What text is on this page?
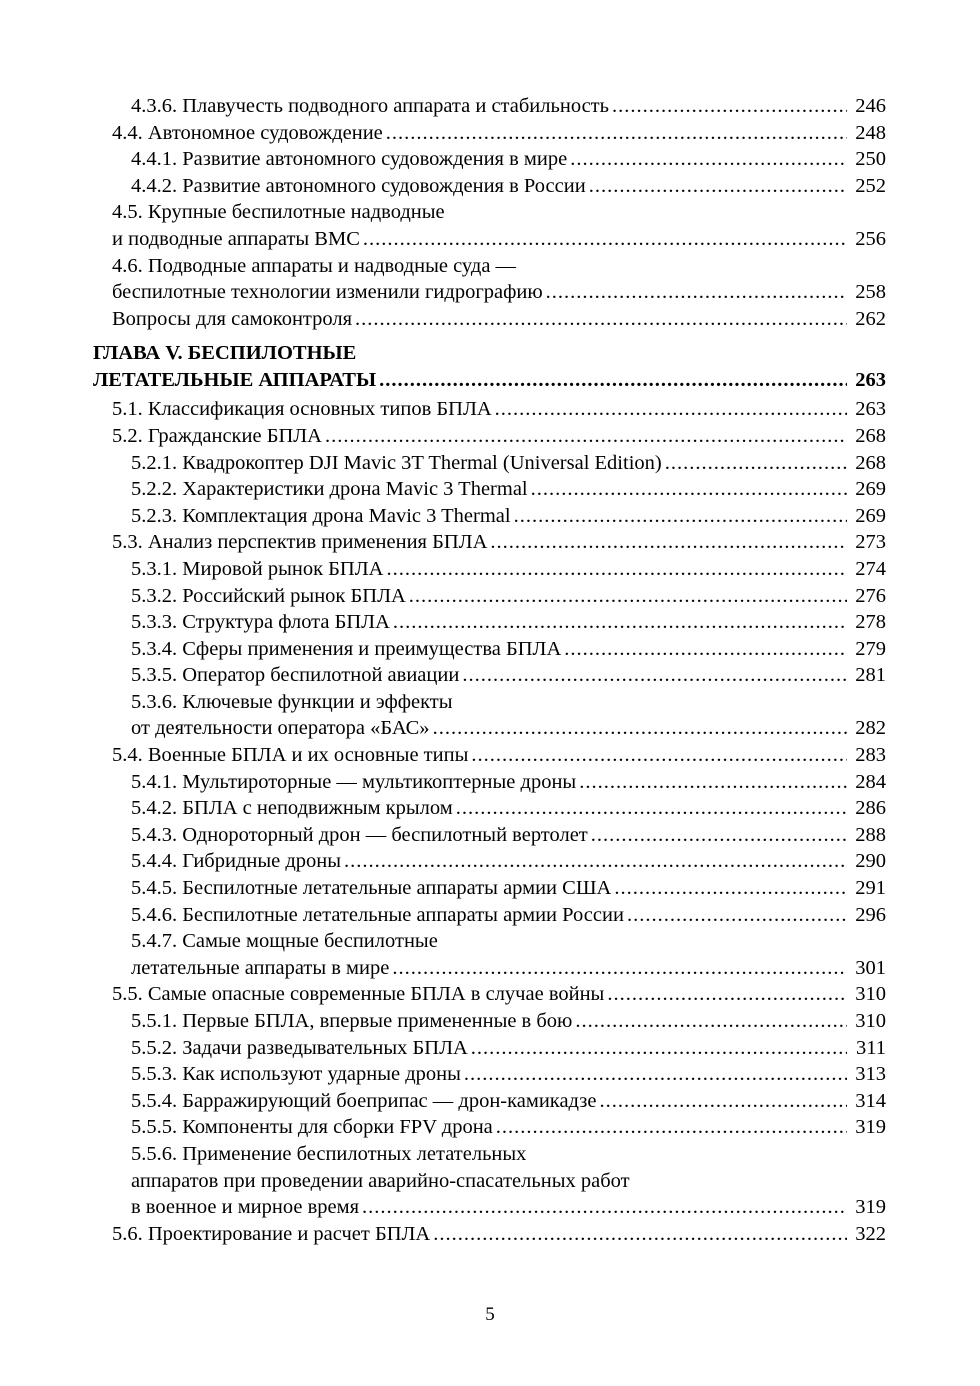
4.3.6. Плавучесть подводного аппарата и стабильность .....	246
4.4. Автономное судовождение .....	248
4.4.1. Развитие автономного судовождения в мире .....	250
4.4.2. Развитие автономного судовождения в России .....	252
4.5. Крупные беспилотные надводные
и подводные аппараты ВМС .....	256
4.6. Подводные аппараты и надводные суда —
беспилотные технологии изменили гидрографию .....	258
Вопросы для самоконтроля .....	262
ГЛАВА V. БЕСПИЛОТНЫЕ
ЛЕТАТЕЛЬНЫЕ АППАРАТЫ .....	263
5.1. Классификация основных типов БПЛА .....	263
5.2. Гражданские БПЛА .....	268
5.2.1. Квадрокоптер DJI Mavic 3T Thermal (Universal Edition) .....	268
5.2.2. Характеристики дрона Mavic 3 Thermal .....	269
5.2.3. Комплектация дрона Mavic 3 Thermal .....	269
5.3. Анализ перспектив применения БПЛА .....	273
5.3.1. Мировой рынок БПЛА .....	274
5.3.2. Российский рынок БПЛА .....	276
5.3.3. Структура флота БПЛА .....	278
5.3.4. Сферы применения и преимущества БПЛА .....	279
5.3.5. Оператор беспилотной авиации .....	281
5.3.6. Ключевые функции и эффекты
от деятельности оператора «БАС» .....	282
5.4. Военные БПЛА и их основные типы .....	283
5.4.1. Мультироторные — мультикоптерные дроны .....	284
5.4.2. БПЛА с неподвижным крылом .....	286
5.4.3. Однороторный дрон — беспилотный вертолет .....	288
5.4.4. Гибридные дроны .....	290
5.4.5. Беспилотные летательные аппараты армии США .....	291
5.4.6. Беспилотные летательные аппараты армии России .....	296
5.4.7. Самые мощные беспилотные
летательные аппараты в мире .....	301
5.5. Самые опасные современные БПЛА в случае войны .....	310
5.5.1. Первые БПЛА, впервые примененные в бою .....	310
5.5.2. Задачи разведывательных БПЛА .....	311
5.5.3. Как используют ударные дроны .....	313
5.5.4. Барражирующий боеприпас — дрон-камикадзе .....	314
5.5.5. Компоненты для сборки FPV дрона .....	319
5.5.6. Применение беспилотных летательных
аппаратов при проведении аварийно-спасательных работ
в военное и мирное время .....	319
5.6. Проектирование и расчет БПЛА .....	322
5
